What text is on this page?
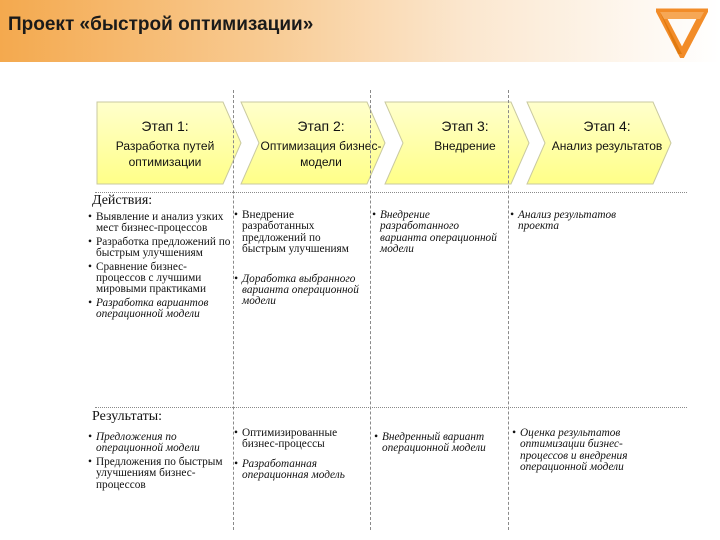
Проект «быстрой оптимизации»
Этап 1:
Разработка путей оптимизации
Этап 2:
Оптимизация бизнес-модели
Этап 3:
Внедрение
Этап 4:
Анализ результатов
Действия:
• Выявление и анализ узких мест бизнес-процессов
• Разработка предложений по быстрым улучшениям
• Сравнение бизнес-процессов с лучшими мировыми практиками
• Разработка вариантов операционной модели
• Внедрение разработанных предложений по быстрым улучшениям
• Доработка выбранного варианта операционной модели
• Внедрение разработанного варианта операционной модели
• Анализ результатов проекта
Результаты:
• Предложения по операционной модели
• Предложения по быстрым улучшениям бизнес-процессов
• Оптимизированные бизнес-процессы
• Разработанная операционная модель
• Внедренный вариант операционной модели
• Оценка результатов оптимизации бизнес-процессов и внедрения операционной модели
